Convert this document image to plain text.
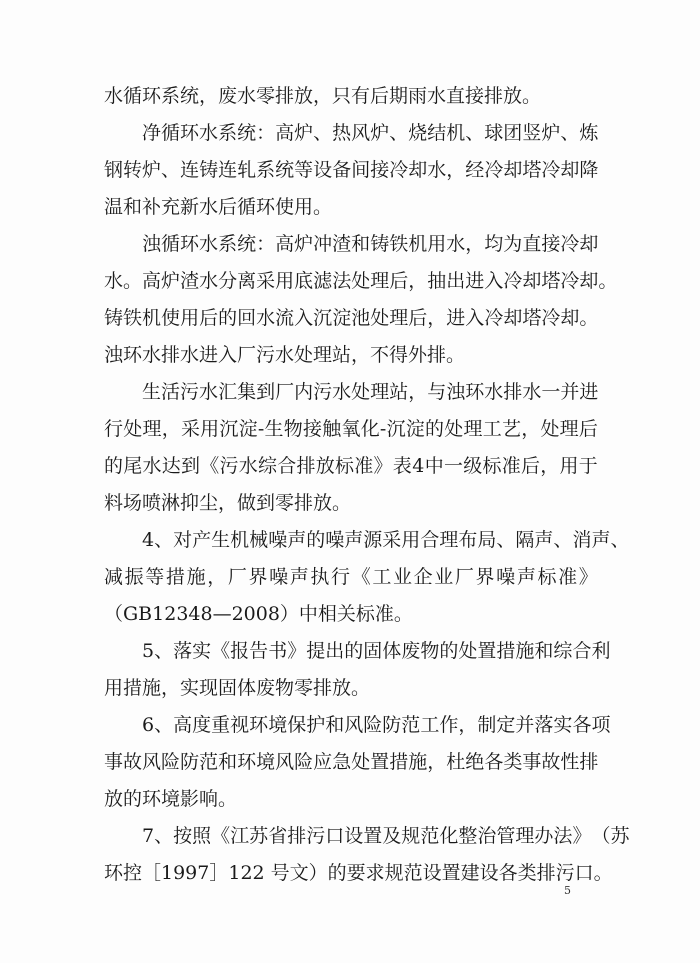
水循环系统，废水零排放，只有后期雨水直接排放。
净 循 环 水 系 统 ： 高 炉 、 热 风 炉 、 烧 结 机 、 球 团 竖 炉 、 炼
钢 转 炉 、 连 铸 连 轧 系 统 等 设 备 间 接 冷 却 水 ， 经 冷 却 塔 冷 却 降
温和补充新水后循环使用。
浊 循 环 水 系 统 ： 高 炉 冲 渣 和 铸 铁 机 用 水 ， 均 为 直 接 冷 却
水 。 高 炉 渣 水 分 离 采 用 底 滤 法 处 理 后 ， 抽 出 进 入 冷 却 塔 冷 却 。
铸 铁 机 使 用 后 的 回 水 流 入 沉 淀 池 处 理 后 ， 进 入 冷 却 塔 冷 却 。
浊环水排水进入厂污水处理站，不得外排。
生 活 污 水 汇 集 到 厂 内 污 水 处 理 站 ， 与 浊 环 水 排 水 一 并 进
行 处 理 ， 采 用 沉 淀 - 生 物 接 触 氧 化 - 沉 淀 的 处 理 工 艺 ， 处 理 后
的 尾 水 达 到 《 污 水 综 合 排 放 标 准 》 表 4 中 一 级 标 准 后 ， 用 于
料场喷淋抑尘，做到零排放。
4 、 对 产 生 机 械 噪 声 的 噪 声 源 采 用 合 理 布 局 、 隔 声 、 消 声 、
减 振 等 措 施 ， 厂 界 噪 声 执 行 《 工 业 企 业 厂 界 噪 声 标 准 》
（GB12348—2008）中相关标准。
5 、 落 实 《 报 告 书 》 提 出 的 固 体 废 物 的 处 置 措 施 和 综 合 利
用措施，实现固体废物零排放。
6 、 高 度 重 视 环 境 保 护 和 风 险 防 范 工 作 ， 制 定 并 落 实 各 项
事 故 风 险 防 范 和 环 境 风 险 应 急 处 置 措 施 ， 杜 绝 各 类 事 故 性 排
放的环境影响。
7 、 按 照 《 江 苏 省 排 污 口 设 置 及 规 范 化 整 治 管 理 办 法 》 （ 苏
环控［1997］122 号文）的要求规范设置建设各类排污口。
5
